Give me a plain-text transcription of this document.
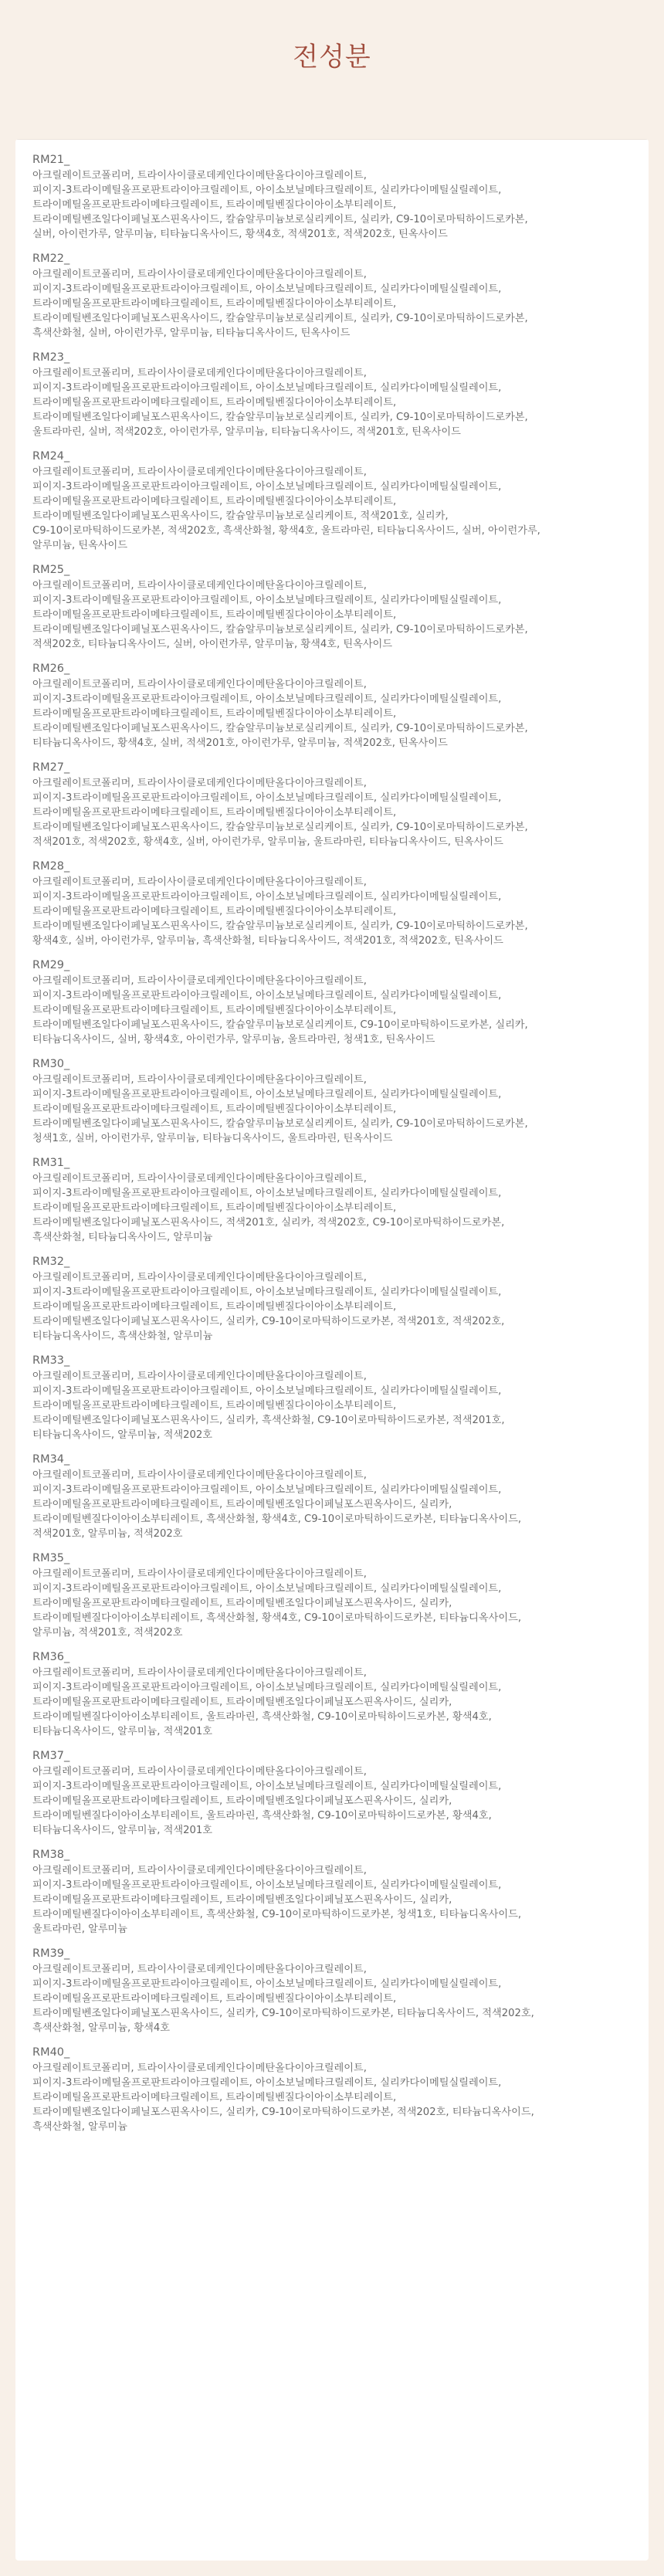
전성분
RM21_
아크릴레이트코폴리머, 트라이사이클로데케인다이메탄올다이아크릴레이트,
피이지-3트라이메틸올프로판트라이아크릴레이트, 아이소보닐메타크릴레이트, 실리카다이메틸실릴레이트,
트라이메틸올프로판트라이메타크릴레이트, 트라이메틸벤질다이아이소부티레이트,
트라이메틸벤조일다이페닐포스핀옥사이드, 칼슘알루미늄보로실리케이트, 실리카, C9-10이로마틱하이드로카본,
실버, 아이런가루, 알루미늄, 티타늄디옥사이드, 황색4호, 적색201호, 적색202호, 틴옥사이드
RM22_
아크릴레이트코폴리머, 트라이사이클로데케인다이메탄올다이아크릴레이트,
피이지-3트라이메틸올프로판트라이아크릴레이트, 아이소보닐메타크릴레이트, 실리카다이메틸실릴레이트,
트라이메틸올프로판트라이메타크릴레이트, 트라이메틸벤질다이아이소부티레이트,
트라이메틸벤조일다이페닐포스핀옥사이드, 칼슘알루미늄보로실리케이트, 실리카, C9-10이로마틱하이드로카본,
흑색산화철, 실버, 아이런가루, 알루미늄, 티타늄디옥사이드, 틴옥사이드
RM23_
아크릴레이트코폴리머, 트라이사이클로데케인다이메탄올다이아크릴레이트,
피이지-3트라이메틸올프로판트라이아크릴레이트, 아이소보닐메타크릴레이트, 실리카다이메틸실릴레이트,
트라이메틸올프로판트라이메타크릴레이트, 트라이메틸벤질다이아이소부티레이트,
트라이메틸벤조일다이페닐포스핀옥사이드, 칼슘알루미늄보로실리케이트, 실리카, C9-10이로마틱하이드로카본,
울트라마린, 실버, 적색202호, 아이런가루, 알루미늄, 티타늄디옥사이드, 적색201호, 틴옥사이드
RM24_
아크릴레이트코폴리머, 트라이사이클로데케인다이메탄올다이아크릴레이트,
피이지-3트라이메틸올프로판트라이아크릴레이트, 아이소보닐메타크릴레이트, 실리카다이메틸실릴레이트,
트라이메틸올프로판트라이메타크릴레이트, 트라이메틸벤질다이아이소부티레이트,
트라이메틸벤조일다이페닐포스핀옥사이드, 칼슘알루미늄보로실리케이트, 적색201호, 실리카,
C9-10이로마틱하이드로카본, 적색202호, 흑색산화철, 황색4호, 울트라마린, 티타늄디옥사이드, 실버, 아이런가루,
알루미늄, 틴옥사이드
RM25_
아크릴레이트코폴리머, 트라이사이클로데케인다이메탄올다이아크릴레이트,
피이지-3트라이메틸올프로판트라이아크릴레이트, 아이소보닐메타크릴레이트, 실리카다이메틸실릴레이트,
트라이메틸올프로판트라이메타크릴레이트, 트라이메틸벤질다이아이소부티레이트,
트라이메틸벤조일다이페닐포스핀옥사이드, 칼슘알루미늄보로실리케이트, 실리카, C9-10이로마틱하이드로카본,
적색202호, 티타늄디옥사이드, 실버, 아이런가루, 알루미늄, 황색4호, 틴옥사이드
RM26_
아크릴레이트코폴리머, 트라이사이클로데케인다이메탄올다이아크릴레이트,
피이지-3트라이메틸올프로판트라이아크릴레이트, 아이소보닐메타크릴레이트, 실리카다이메틸실릴레이트,
트라이메틸올프로판트라이메타크릴레이트, 트라이메틸벤질다이아이소부티레이트,
트라이메틸벤조일다이페닐포스핀옥사이드, 칼슘알루미늄보로실리케이트, 실리카, C9-10이로마틱하이드로카본,
티타늄디옥사이드, 황색4호, 실버, 적색201호, 아이런가루, 알루미늄, 적색202호, 틴옥사이드
RM27_
아크릴레이트코폴리머, 트라이사이클로데케인다이메탄올다이아크릴레이트,
피이지-3트라이메틸올프로판트라이아크릴레이트, 아이소보닐메타크릴레이트, 실리카다이메틸실릴레이트,
트라이메틸올프로판트라이메타크릴레이트, 트라이메틸벤질다이아이소부티레이트,
트라이메틸벤조일다이페닐포스핀옥사이드, 칼슘알루미늄보로실리케이트, 실리카, C9-10이로마틱하이드로카본,
적색201호, 적색202호, 황색4호, 실버, 아이런가루, 알루미늄, 울트라마린, 티타늄디옥사이드, 틴옥사이드
RM28_
아크릴레이트코폴리머, 트라이사이클로데케인다이메탄올다이아크릴레이트,
피이지-3트라이메틸올프로판트라이아크릴레이트, 아이소보닐메타크릴레이트, 실리카다이메틸실릴레이트,
트라이메틸올프로판트라이메타크릴레이트, 트라이메틸벤질다이아이소부티레이트,
트라이메틸벤조일다이페닐포스핀옥사이드, 칼슘알루미늄보로실리케이트, 실리카, C9-10이로마틱하이드로카본,
황색4호, 실버, 아이런가루, 알루미늄, 흑색산화철, 티타늄디옥사이드, 적색201호, 적색202호, 틴옥사이드
RM29_
아크릴레이트코폴리머, 트라이사이클로데케인다이메탄올다이아크릴레이트,
피이지-3트라이메틸올프로판트라이아크릴레이트, 아이소보닐메타크릴레이트, 실리카다이메틸실릴레이트,
트라이메틸올프로판트라이메타크릴레이트, 트라이메틸벤질다이아이소부티레이트,
트라이메틸벤조일다이페닐포스핀옥사이드, 칼슘알루미늄보로실리케이트, C9-10이로마틱하이드로카본, 실리카,
티타늄디옥사이드, 실버, 황색4호, 아이런가루, 알루미늄, 울트라마린, 청색1호, 틴옥사이드
RM30_
아크릴레이트코폴리머, 트라이사이클로데케인다이메탄올다이아크릴레이트,
피이지-3트라이메틸올프로판트라이아크릴레이트, 아이소보닐메타크릴레이트, 실리카다이메틸실릴레이트,
트라이메틸올프로판트라이메타크릴레이트, 트라이메틸벤질다이아이소부티레이트,
트라이메틸벤조일다이페닐포스핀옥사이드, 칼슘알루미늄보로실리케이트, 실리카, C9-10이로마틱하이드로카본,
청색1호, 실버, 아이런가루, 알루미늄, 티타늄디옥사이드, 울트라마린, 틴옥사이드
RM31_
아크릴레이트코폴리머, 트라이사이클로데케인다이메탄올다이아크릴레이트,
피이지-3트라이메틸올프로판트라이아크릴레이트, 아이소보닐메타크릴레이트, 실리카다이메틸실릴레이트,
트라이메틸올프로판트라이메타크릴레이트, 트라이메틸벤질다이아이소부티레이트,
트라이메틸벤조일다이페닐포스핀옥사이드, 적색201호, 실리카, 적색202호, C9-10이로마틱하이드로카본,
흑색산화철, 티타늄디옥사이드, 알루미늄
RM32_
아크릴레이트코폴리머, 트라이사이클로데케인다이메탄올다이아크릴레이트,
피이지-3트라이메틸올프로판트라이아크릴레이트, 아이소보닐메타크릴레이트, 실리카다이메틸실릴레이트,
트라이메틸올프로판트라이메타크릴레이트, 트라이메틸벤질다이아이소부티레이트,
트라이메틸벤조일다이페닐포스핀옥사이드, 실리카, C9-10이로마틱하이드로카본, 적색201호, 적색202호,
티타늄디옥사이드, 흑색산화철, 알루미늄
RM33_
아크릴레이트코폴리머, 트라이사이클로데케인다이메탄올다이아크릴레이트,
피이지-3트라이메틸올프로판트라이아크릴레이트, 아이소보닐메타크릴레이트, 실리카다이메틸실릴레이트,
트라이메틸올프로판트라이메타크릴레이트, 트라이메틸벤질다이아이소부티레이트,
트라이메틸벤조일다이페닐포스핀옥사이드, 실리카, 흑색산화철, C9-10이로마틱하이드로카본, 적색201호,
티타늄디옥사이드, 알루미늄, 적색202호
RM34_
아크릴레이트코폴리머, 트라이사이클로데케인다이메탄올다이아크릴레이트,
피이지-3트라이메틸올프로판트라이아크릴레이트, 아이소보닐메타크릴레이트, 실리카다이메틸실릴레이트,
트라이메틸올프로판트라이메타크릴레이트, 트라이메틸벤조일다이페닐포스핀옥사이드, 실리카,
트라이메틸벤질다이아이소부티레이트, 흑색산화철, 황색4호, C9-10이로마틱하이드로카본, 티타늄디옥사이드,
적색201호, 알루미늄, 적색202호
RM35_
아크릴레이트코폴리머, 트라이사이클로데케인다이메탄올다이아크릴레이트,
피이지-3트라이메틸올프로판트라이아크릴레이트, 아이소보닐메타크릴레이트, 실리카다이메틸실릴레이트,
트라이메틸올프로판트라이메타크릴레이트, 트라이메틸벤조일다이페닐포스핀옥사이드, 실리카,
트라이메틸벤질다이아이소부티레이트, 흑색산화철, 황색4호, C9-10이로마틱하이드로카본, 티타늄디옥사이드,
알루미늄, 적색201호, 적색202호
RM36_
아크릴레이트코폴리머, 트라이사이클로데케인다이메탄올다이아크릴레이트,
피이지-3트라이메틸올프로판트라이아크릴레이트, 아이소보닐메타크릴레이트, 실리카다이메틸실릴레이트,
트라이메틸올프로판트라이메타크릴레이트, 트라이메틸벤조일다이페닐포스핀옥사이드, 실리카,
트라이메틸벤질다이아이소부티레이트, 울트라마린, 흑색산화철, C9-10이로마틱하이드로카본, 황색4호,
티타늄디옥사이드, 알루미늄, 적색201호
RM37_
아크릴레이트코폴리머, 트라이사이클로데케인다이메탄올다이아크릴레이트,
피이지-3트라이메틸올프로판트라이아크릴레이트, 아이소보닐메타크릴레이트, 실리카다이메틸실릴레이트,
트라이메틸올프로판트라이메타크릴레이트, 트라이메틸벤조일다이페닐포스핀옥사이드, 실리카,
트라이메틸벤질다이아이소부티레이트, 울트라마린, 흑색산화철, C9-10이로마틱하이드로카본, 황색4호,
티타늄디옥사이드, 알루미늄, 적색201호
RM38_
아크릴레이트코폴리머, 트라이사이클로데케인다이메탄올다이아크릴레이트,
피이지-3트라이메틸올프로판트라이아크릴레이트, 아이소보닐메타크릴레이트, 실리카다이메틸실릴레이트,
트라이메틸올프로판트라이메타크릴레이트, 트라이메틸벤조일다이페닐포스핀옥사이드, 실리카,
트라이메틸벤질다이아이소부티레이트, 흑색산화철, C9-10이로마틱하이드로카본, 청색1호, 티타늄디옥사이드,
울트라마린, 알루미늄
RM39_
아크릴레이트코폴리머, 트라이사이클로데케인다이메탄올다이아크릴레이트,
피이지-3트라이메틸올프로판트라이아크릴레이트, 아이소보닐메타크릴레이트, 실리카다이메틸실릴레이트,
트라이메틸올프로판트라이메타크릴레이트, 트라이메틸벤질다이아이소부티레이트,
트라이메틸벤조일다이페닐포스핀옥사이드, 실리카, C9-10이로마틱하이드로카본, 티타늄디옥사이드, 적색202호,
흑색산화철, 알루미늄, 황색4호
RM40_
아크릴레이트코폴리머, 트라이사이클로데케인다이메탄올다이아크릴레이트,
피이지-3트라이메틸올프로판트라이아크릴레이트, 아이소보닐메타크릴레이트, 실리카다이메틸실릴레이트,
트라이메틸올프로판트라이메타크릴레이트, 트라이메틸벤질다이아이소부티레이트,
트라이메틸벤조일다이페닐포스핀옥사이드, 실리카, C9-10이로마틱하이드로카본, 적색202호, 티타늄디옥사이드,
흑색산화철, 알루미늄
